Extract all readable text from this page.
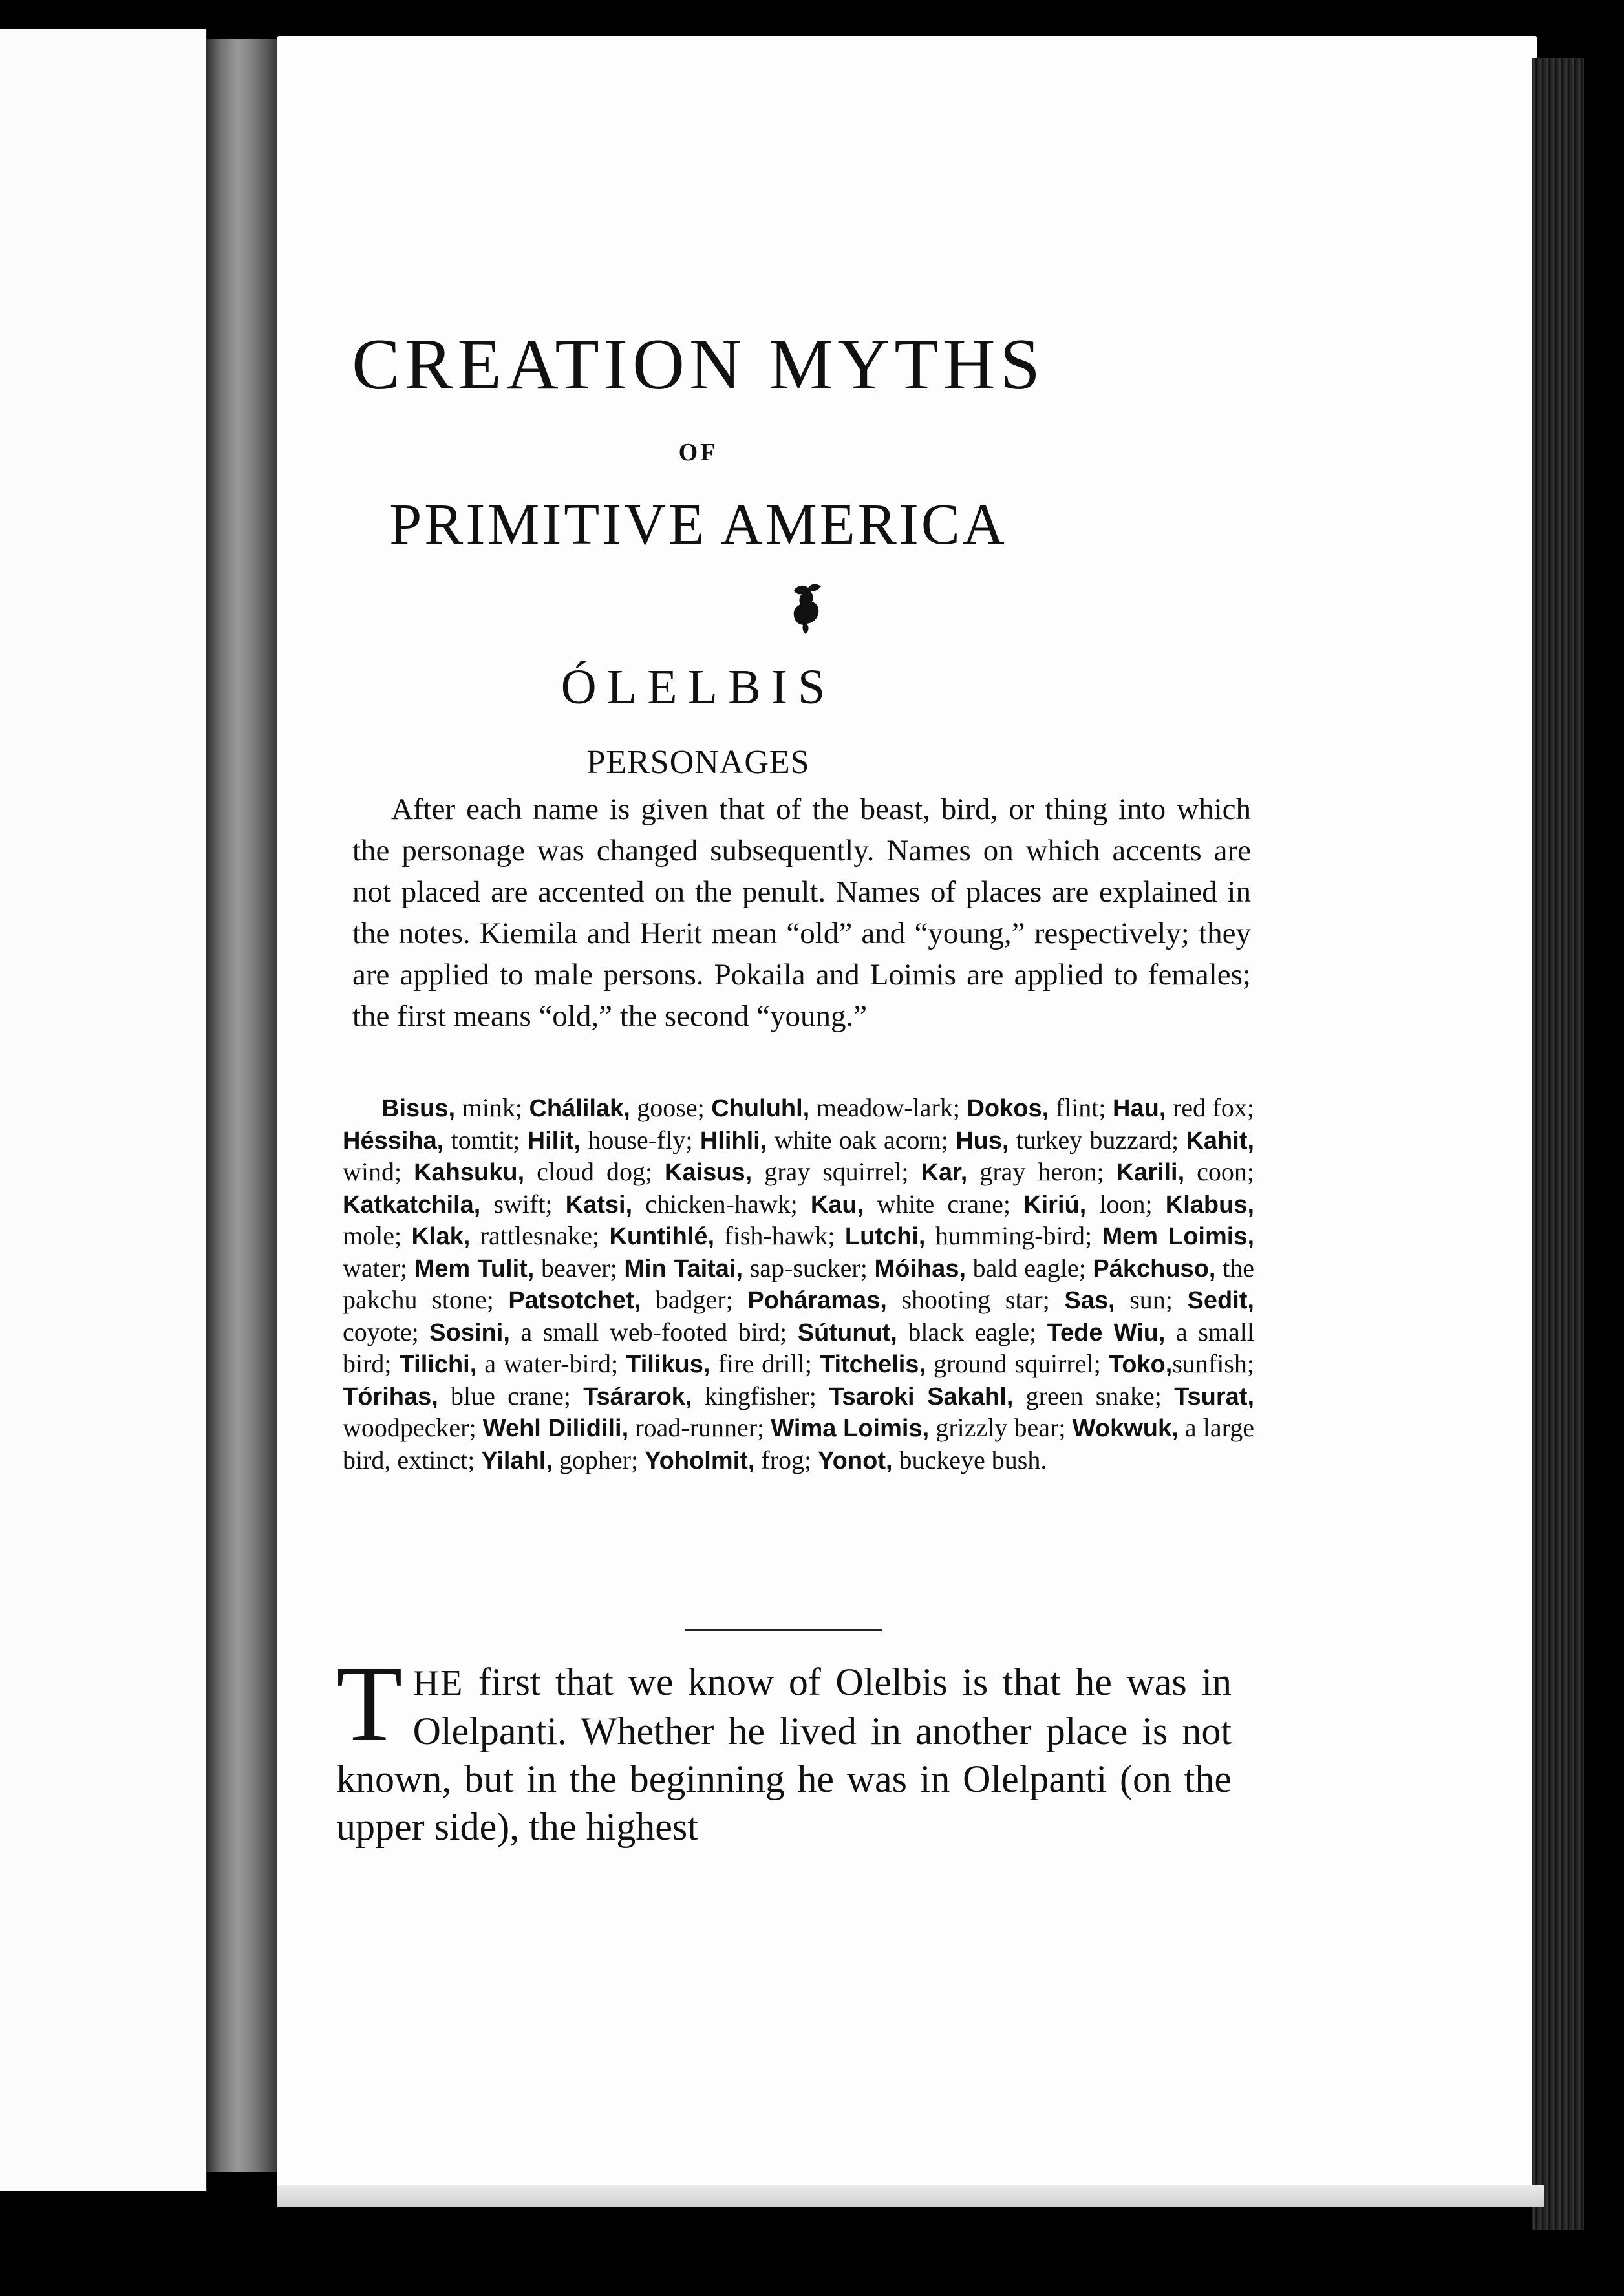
CREATION MYTHS
OF
PRIMITIVE AMERICA
ÓLELBIS
PERSONAGES

After each name is given that of the beast, bird, or thing into which the personage was changed subsequently. Names on which accents are not placed are accented on the penult. Names of places are explained in the notes. Kiemila and Herit mean “old” and “young,” respectively; they are applied to male persons. Pokaila and Loimis are applied to females; the first means “old,” the second “young.”

Bisus, mink; Chálilak, goose; Chuluhl, meadow-lark; Dokos, flint; Hau, red fox; Héssiha, tomtit; Hilit, house-fly; Hlihli, white oak acorn; Hus, turkey buzzard; Kahit, wind; Kahsuku, cloud dog; Kaisus, gray squirrel; Kar, gray heron; Karili, coon; Katkatchila, swift; Katsi, chicken-hawk; Kau, white crane; Kiriú, loon; Klabus, mole; Klak, rattlesnake; Kuntihlé, fish-hawk; Lutchi, humming-bird; Mem Loimis, water; Mem Tulit, beaver; Min Taitai, sap-sucker; Móihas, bald eagle; Pákchuso, the pakchu stone; Patsotchet, badger; Poháramas, shooting star; Sas, sun; Sedit, coyote; Sosini, a small web-footed bird; Sútunut, black eagle; Tede Wiu, a small bird; Tilichi, a water-bird; Tilikus, fire drill; Titchelis, ground squirrel; Toko,sunfish; Tórihas, blue crane; Tsárarok, kingfisher; Tsaroki Sakahl, green snake; Tsurat, woodpecker; Wehl Dilidili, road-runner; Wima Loimis, grizzly bear; Wokwuk, a large bird, extinct; Yilahl, gopher; Yoholmit, frog; Yonot, buckeye bush.

THE first that we know of Olelbis is that he was in Olelpanti. Whether he lived in another place is not known, but in the beginning he was in Olelpanti (on the upper side), the highest
